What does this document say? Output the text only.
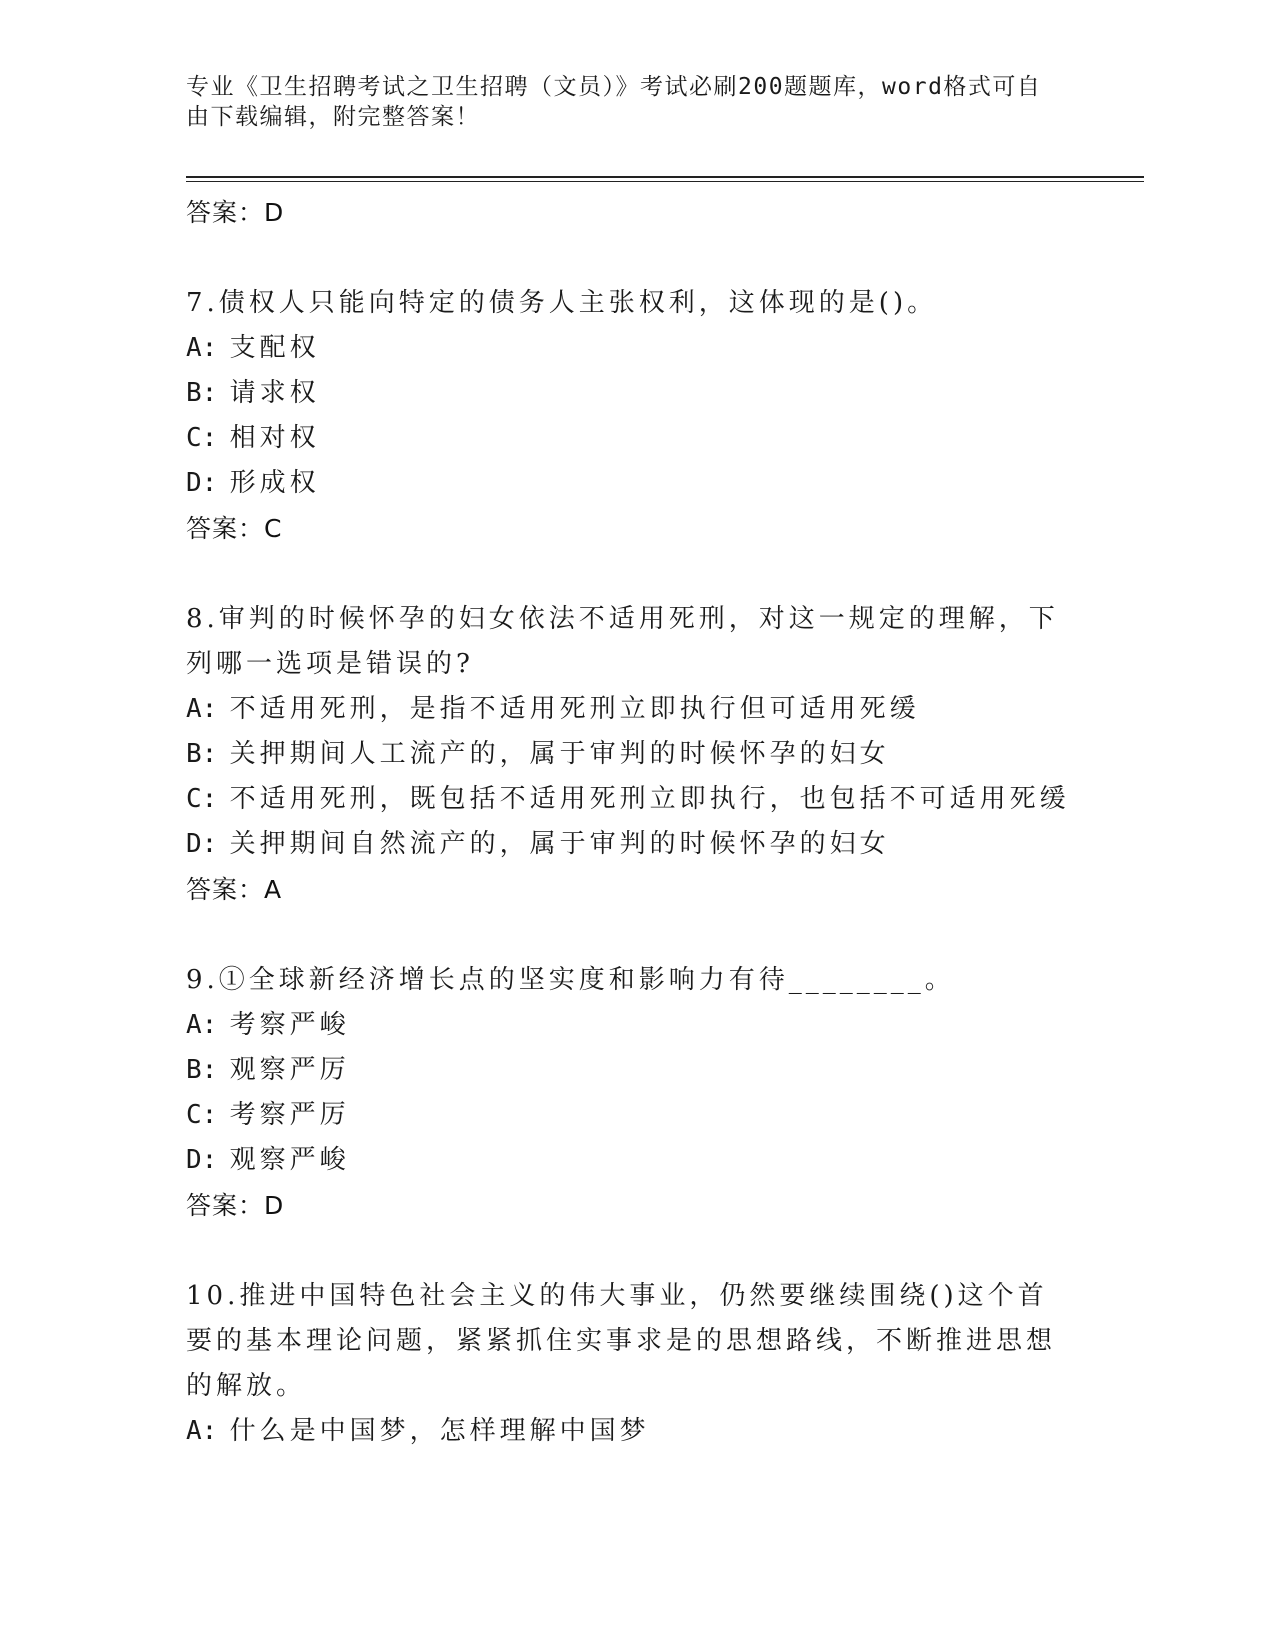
专业《卫生招聘考试之卫生招聘（文员）》考试必刷200题题库，word格式可自
由下载编辑，附完整答案！
答案：D
7.债权人只能向特定的债务人主张权利，这体现的是()。
A: 支配权
B: 请求权
C: 相对权
D: 形成权
答案：C
8.审判的时候怀孕的妇女依法不适用死刑，对这一规定的理解，下列哪一选项是错误的?
A: 不适用死刑，是指不适用死刑立即执行但可适用死缓
B: 关押期间人工流产的，属于审判的时候怀孕的妇女
C: 不适用死刑，既包括不适用死刑立即执行，也包括不可适用死缓
D: 关押期间自然流产的，属于审判的时候怀孕的妇女
答案：A
9.①全球新经济增长点的坚实度和影响力有待________。
A: 考察严峻
B: 观察严厉
C: 考察严厉
D: 观察严峻
答案：D
10.推进中国特色社会主义的伟大事业，仍然要继续围绕()这个首要的基本理论问题，紧紧抓住实事求是的思想路线，不断推进思想的解放。
A: 什么是中国梦，怎样理解中国梦
